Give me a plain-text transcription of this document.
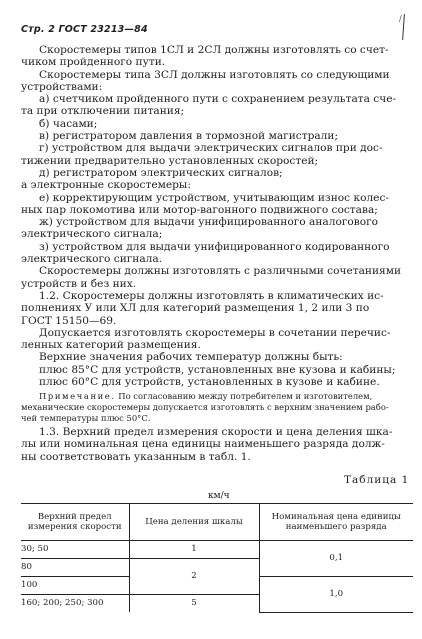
Стр. 2 ГОСТ 23213—84
/
Скоростемеры типов 1СЛ и 2СЛ должны изготовлять со счет-
чиком пройденного пути.
Скоростемеры типа 3СЛ должны изготовлять со следующими
устройствами:
а) счетчиком пройденного пути с сохранением результата сче-
та при отключении питания;
б) часами;
в) регистратором давления в тормозной магистрали;
г) устройством для выдачи электрических сигналов при дос-
тижении предварительно установленных скоростей;
д) регистратором электрических сигналов;
а электронные скоростемеры:
е) корректирующим устройством, учитывающим износ колес-
ных пар локомотива или мотор-вагонного подвижного состава;
ж) устройством для выдачи унифицированного аналогового
электрического сигнала;
з) устройством для выдачи унифицированного кодированного
электрического сигнала.
Скоростемеры должны изготовлять с различными сочетаниями
устройств и без них.
1.2. Скоростемеры должны изготовлять в климатических ис-
полнениях У или ХЛ для категорий размещения 1, 2 или 3 по
ГОСТ 15150—69.
Допускается изготовлять скоростемеры в сочетании перечис-
ленных категорий размещения.
Верхние значения рабочих температур должны быть:
плюс 85°С для устройств, установленных вне кузова и кабины;
плюс 60°С для устройств, установленных в кузове и кабине.
Примечание. По согласованию между потребителем и изготовителем,
механические скоростемеры допускается изготовлять с верхним значением рабо-
чей температуры плюс 50°С.
1.3. Верхний предел измерения скорости и цена деления шка-
лы или номинальная цена единицы наименьшего разряда долж-
ны соответствовать указанным в табл. 1.
Таблица 1
км/ч
Верхний предел измерения скорости	Цена деления шкалы	Номинальная цена единицы наименьшего разряда
30; 50	1	0,1
80	2	
100		1,0
160; 200; 250; 300	5	
